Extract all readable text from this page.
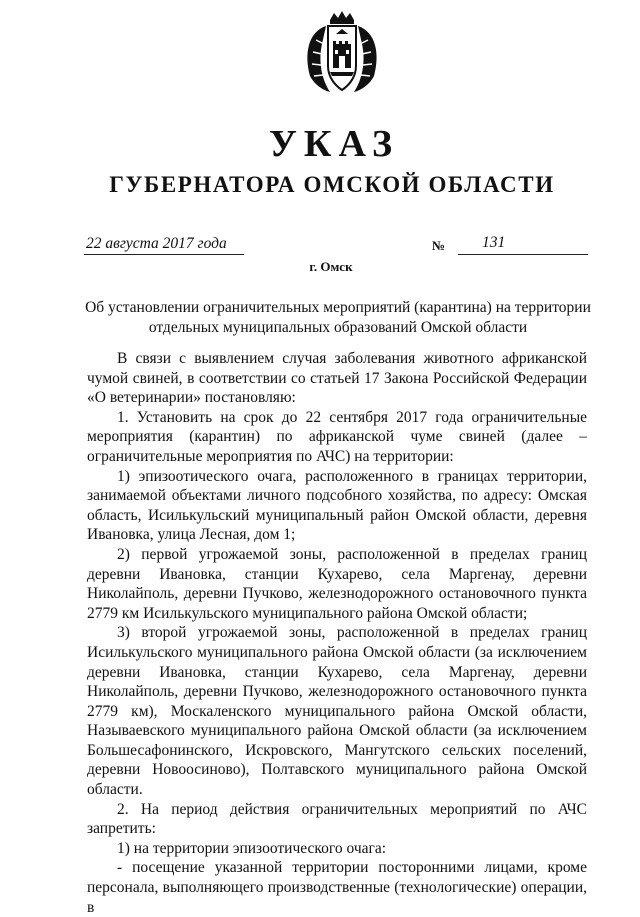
УКАЗ
ГУБЕРНАТОРА ОМСКОЙ ОБЛАСТИ
22 августа 2017 года	№ 131
г. Омск
Об установлении ограничительных мероприятий (карантина) на территории отдельных муниципальных образований Омской области

В связи с выявлением случая заболевания животного африканской чумой свиней, в соответствии со статьей 17 Закона Российской Федерации «О ветеринарии» постановляю:

1. Установить на срок до 22 сентября 2017 года ограничительные мероприятия (карантин) по африканской чуме свиней (далее – ограничительные мероприятия по АЧС) на территории:

1) эпизоотического очага, расположенного в границах территории, занимаемой объектами личного подсобного хозяйства, по адресу: Омская область, Исилькульский муниципальный район Омской области, деревня Ивановка, улица Лесная, дом 1;

2) первой угрожаемой зоны, расположенной в пределах границ деревни Ивановка, станции Кухарево, села Маргенау, деревни Николайполь, деревни Пучково, железнодорожного остановочного пункта 2779 км Исилькульского муниципального района Омской области;

3) второй угрожаемой зоны, расположенной в пределах границ Исилькульского муниципального района Омской области (за исключением деревни Ивановка, станции Кухарево, села Маргенау, деревни Николайполь, деревни Пучково, железнодорожного остановочного пункта 2779 км), Москаленского муниципального района Омской области, Называевского муниципального района Омской области (за исключением Большесафонинского, Искровского, Мангутского сельских поселений, деревни Новоосиново), Полтавского муниципального района Омской области.

2. На период действия ограничительных мероприятий по АЧС запретить:

1) на территории эпизоотического очага:

- посещение указанной территории посторонними лицами, кроме персонала, выполняющего производственные (технологические) операции, в
